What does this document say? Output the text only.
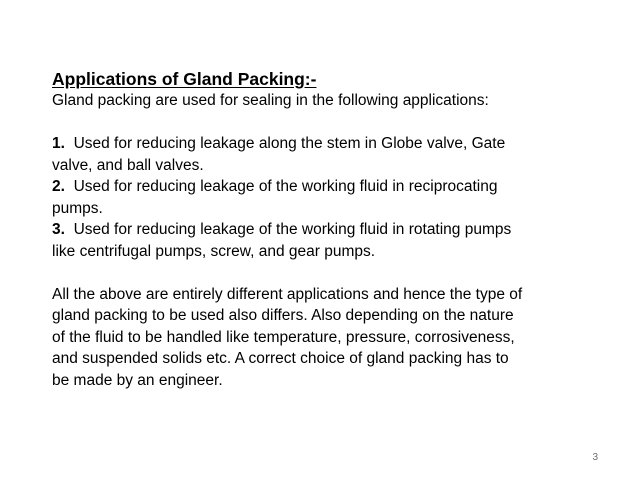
Applications of Gland Packing:-

Gland packing are used for sealing in the following applications:

1. Used for reducing leakage along the stem in Globe valve, Gate

valve, and ball valves.

2. Used for reducing leakage of the working fluid in reciprocating

pumps.

3. Used for reducing leakage of the working fluid in rotating pumps

like centrifugal pumps, screw, and gear pumps.

All the above are entirely different applications and hence the type of

gland packing to be used also differs. Also depending on the nature

of the fluid to be handled like temperature, pressure, corrosiveness,

and suspended solids etc. A correct choice of gland packing has to

be made by an engineer.

3
